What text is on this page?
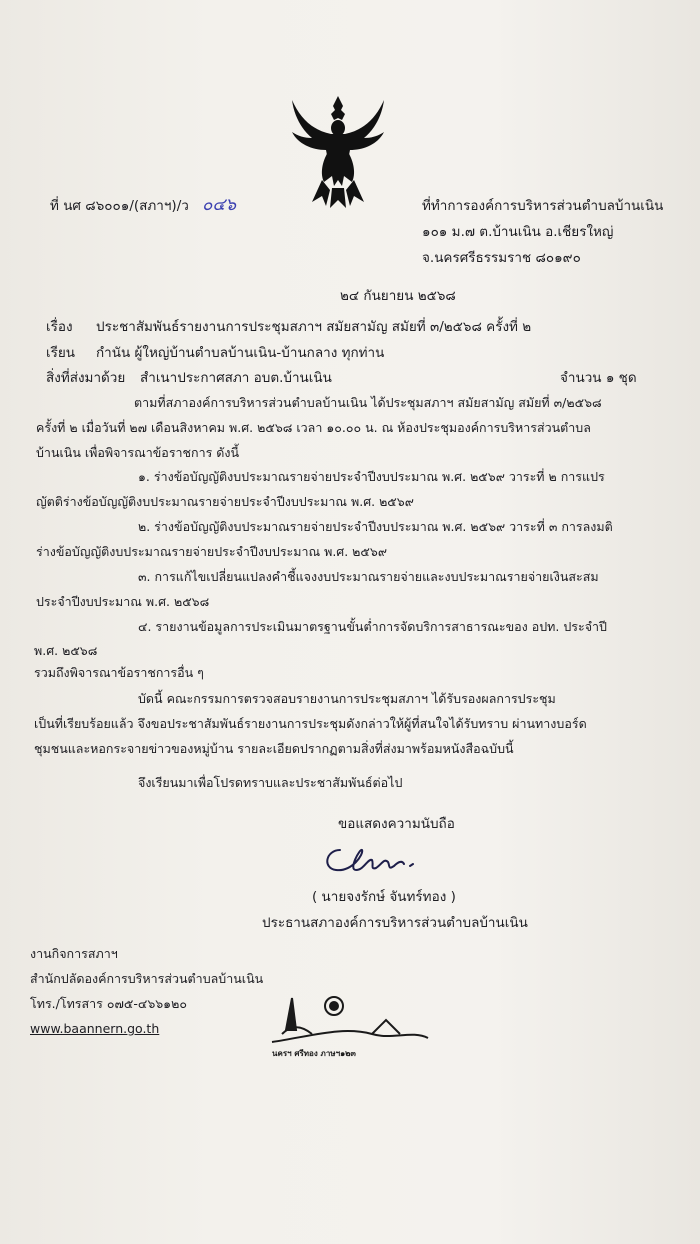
ที่ นศ ๘๖๐๐๑/(สภาฯ)/ว ๐๔๖	ที่ทำการองค์การบริหารส่วนตำบลบ้านเนิน
๑๐๑ ม.๗ ต.บ้านเนิน อ.เชียรใหญ่
จ.นครศรีธรรมราช ๘๐๑๙๐
๒๔ กันยายน ๒๕๖๘
เรื่อง ประชาสัมพันธ์รายงานการประชุมสภาฯ สมัยสามัญ สมัยที่ ๓/๒๕๖๘ ครั้งที่ ๒
เรียน กำนัน ผู้ใหญ่บ้านตำบลบ้านเนิน-บ้านกลาง ทุกท่าน
สิ่งที่ส่งมาด้วย สำเนาประกาศสภา อบต.บ้านเนิน	จำนวน ๑ ชุด
ตามที่สภาองค์การบริหารส่วนตำบลบ้านเนิน ได้ประชุมสภาฯ สมัยสามัญ สมัยที่ ๓/๒๕๖๘
ครั้งที่ ๒ เมื่อวันที่ ๒๗ เดือนสิงหาคม พ.ศ. ๒๕๖๘ เวลา ๑๐.๐๐ น. ณ ห้องประชุมองค์การบริหารส่วนตำบล
บ้านเนิน เพื่อพิจารณาข้อราชการ ดังนี้
๑. ร่างข้อบัญญัติงบประมาณรายจ่ายประจำปีงบประมาณ พ.ศ. ๒๕๖๙ วาระที่ ๒ การแปร
ญัตติร่างข้อบัญญัติงบประมาณรายจ่ายประจำปีงบประมาณ พ.ศ. ๒๕๖๙
๒. ร่างข้อบัญญัติงบประมาณรายจ่ายประจำปีงบประมาณ พ.ศ. ๒๕๖๙ วาระที่ ๓ การลงมติ
ร่างข้อบัญญัติงบประมาณรายจ่ายประจำปีงบประมาณ พ.ศ. ๒๕๖๙
๓. การแก้ไขเปลี่ยนแปลงคำชี้แจงงบประมาณรายจ่ายและงบประมาณรายจ่ายเงินสะสม
ประจำปีงบประมาณ พ.ศ. ๒๕๖๘
๔. รายงานข้อมูลการประเมินมาตรฐานขั้นต่ำการจัดบริการสาธารณะของ อปท. ประจำปี
พ.ศ. ๒๕๖๘
รวมถึงพิจารณาข้อราชการอื่น ๆ
บัดนี้ คณะกรรมการตรวจสอบรายงานการประชุมสภาฯ ได้รับรองผลการประชุม
เป็นที่เรียบร้อยแล้ว จึงขอประชาสัมพันธ์รายงานการประชุมดังกล่าวให้ผู้ที่สนใจได้รับทราบ ผ่านทางบอร์ด
ชุมชนและหอกระจายข่าวของหมู่บ้าน รายละเอียดปรากฏตามสิ่งที่ส่งมาพร้อมหนังสือฉบับนี้
จึงเรียนมาเพื่อโปรดทราบและประชาสัมพันธ์ต่อไป
ขอแสดงความนับถือ
( นายจงรักษ์ จันทร์ทอง )
ประธานสภาองค์การบริหารส่วนตำบลบ้านเนิน
งานกิจการสภาฯ
สำนักปลัดองค์การบริหารส่วนตำบลบ้านเนิน
โทร./โทรสาร ๐๗๕-๔๖๖๑๒๐
www.baannern.go.th
นครฯ ศรีทอง ภาษฯ๑๒๓
